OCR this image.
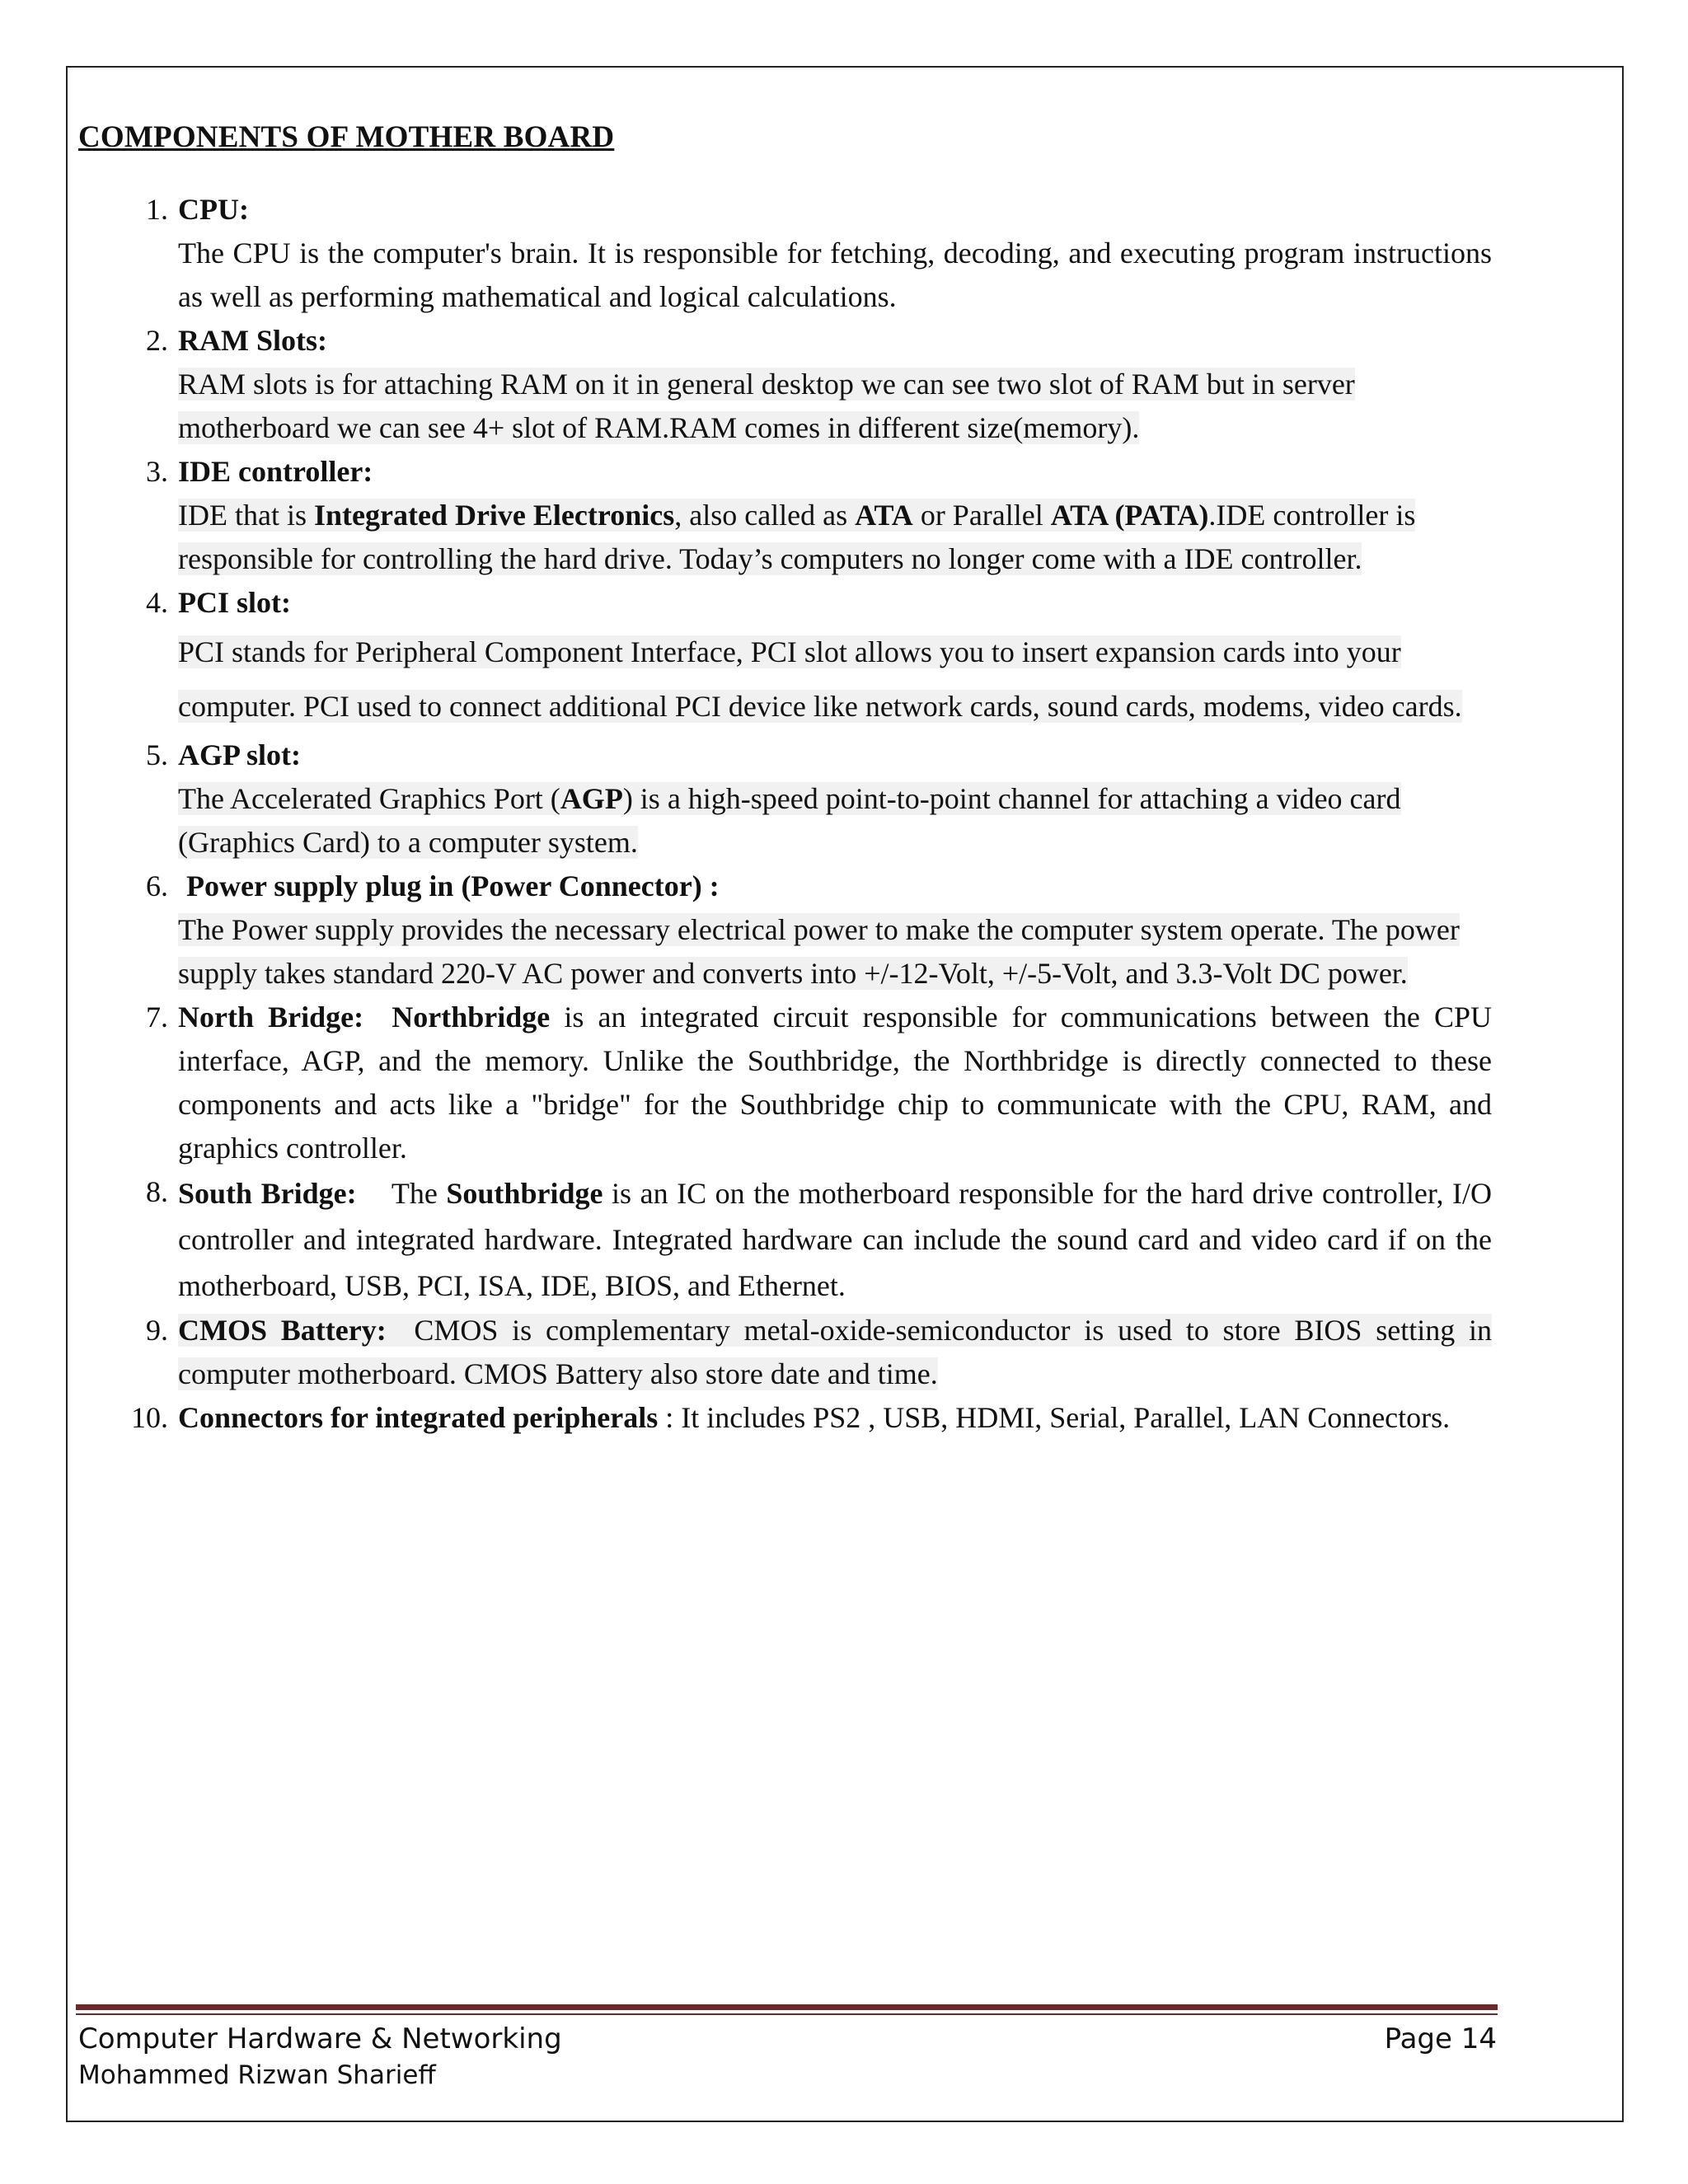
COMPONENTS OF MOTHER BOARD
1. CPU:
The CPU is the computer's brain. It is responsible for fetching, decoding, and executing program instructions as well as performing mathematical and logical calculations.
2. RAM Slots:
RAM slots is for attaching RAM on it in general desktop we can see two slot of RAM but in server motherboard we can see 4+ slot of RAM.RAM comes in different size(memory).
3. IDE controller:
IDE that is Integrated Drive Electronics, also called as ATA or Parallel ATA (PATA).IDE controller is responsible for controlling the hard drive. Today’s computers no longer come with a IDE controller.
4. PCI slot:
PCI stands for Peripheral Component Interface, PCI slot allows you to insert expansion cards into your computer. PCI used to connect additional PCI device like network cards, sound cards, modems, video cards.
5. AGP slot:
The Accelerated Graphics Port (AGP) is a high-speed point-to-point channel for attaching a video card (Graphics Card) to a computer system.
6. Power supply plug in (Power Connector) :
The Power supply provides the necessary electrical power to make the computer system operate. The power supply takes standard 220-V AC power and converts into +/-12-Volt, +/-5-Volt, and 3.3-Volt DC power.
7. North Bridge: Northbridge is an integrated circuit responsible for communications between the CPU interface, AGP, and the memory. Unlike the Southbridge, the Northbridge is directly connected to these components and acts like a "bridge" for the Southbridge chip to communicate with the CPU, RAM, and graphics controller.
8. South Bridge: The Southbridge is an IC on the motherboard responsible for the hard drive controller, I/O controller and integrated hardware. Integrated hardware can include the sound card and video card if on the motherboard, USB, PCI, ISA, IDE, BIOS, and Ethernet.
9. CMOS Battery: CMOS is complementary metal-oxide-semiconductor is used to store BIOS setting in computer motherboard. CMOS Battery also store date and time.
10. Connectors for integrated peripherals : It includes PS2 , USB, HDMI, Serial, Parallel, LAN Connectors.
Computer Hardware & Networking
Mohammed Rizwan Sharieff
Page 14
